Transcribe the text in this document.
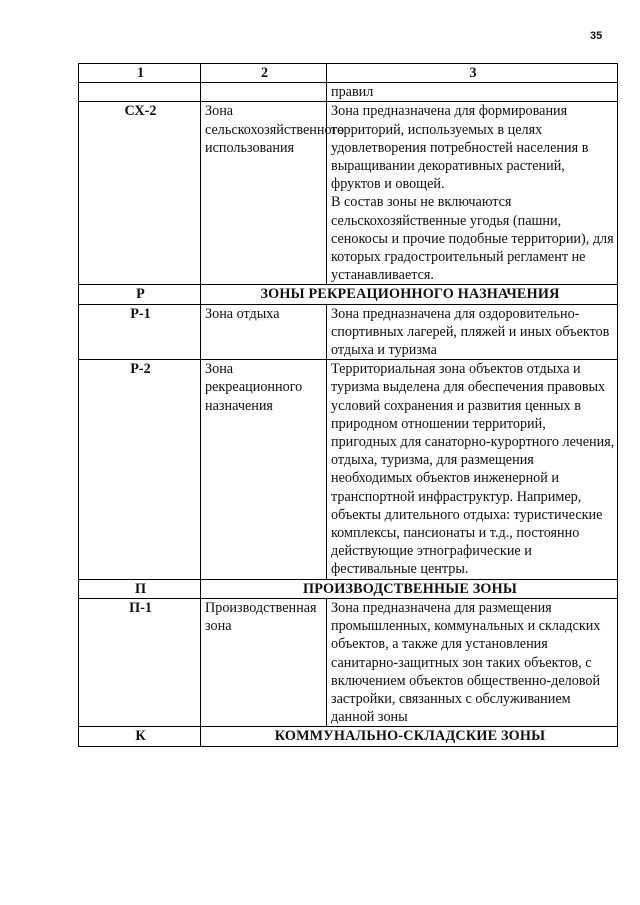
35
1	2	3

		правил

СХ-2	Зона сельскохозяйственного использования	Зона предназначена для формирования территорий, используемых в целях удовлетворения потребностей населения в выращивании декоративных растений, фруктов и овощей.
В состав зоны не включаются сельскохозяйственные угодья (пашни, сенокосы и прочие подобные территории), для которых градостроительный регламент не устанавливается.

Р	ЗОНЫ РЕКРЕАЦИОННОГО НАЗНАЧЕНИЯ	
Р-1	Зона отдыха	Зона предназначена для оздоровительно-спортивных лагерей, пляжей и иных объектов отдыха и туризма

Р-2	Зона рекреационного назначения	Территориальная зона объектов отдыха и туризма выделена для обеспечения правовых условий сохранения и развития ценных в природном отношении территорий, пригодных для санаторно-курортного лечения, отдыха, туризма, для размещения необходимых объектов инженерной и транспортной инфраструктур. Например, объекты длительного отдыха: туристические комплексы, пансионаты и т.д., постоянно действующие этнографические и фестивальные центры.

П	ПРОИЗВОДСТВЕННЫЕ ЗОНЫ	
П-1	Производственная зона	Зона предназначена для размещения промышленных, коммунальных и складских объектов, а также для установления санитарно-защитных зон таких объектов, с включением объектов общественно-деловой застройки, связанных с обслуживанием данной зоны

К	КОММУНАЛЬНО-СКЛАДСКИЕ ЗОНЫ	
